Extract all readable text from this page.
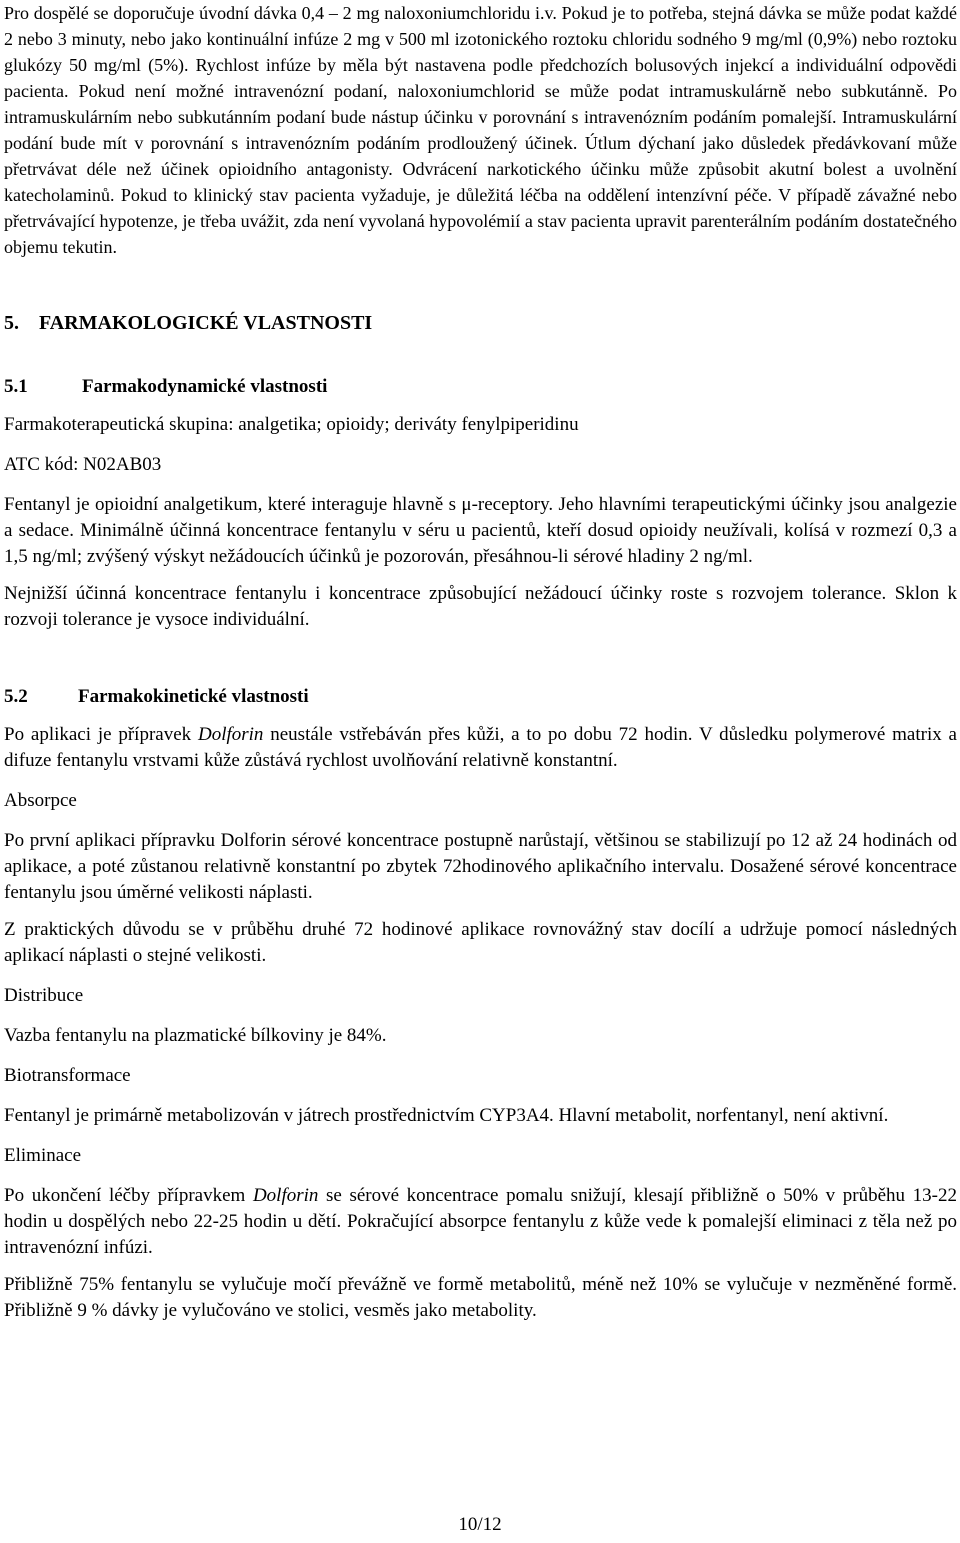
Pro dospělé se doporučuje úvodní dávka 0,4 – 2 mg naloxoniumchloridu i.v. Pokud je to potřeba, stejná dávka se může podat každé 2 nebo 3 minuty, nebo jako kontinuální infúze 2 mg v 500 ml izotonického roztoku chloridu sodného 9 mg/ml (0,9%) nebo roztoku glukózy 50 mg/ml (5%). Rychlost infúze by měla být nastavena podle předchozích bolusových injekcí a individuální odpovědi pacienta. Pokud není možné intravenózní podaní, naloxoniumchlorid se může podat intramuskulárně nebo subkutánně. Po intramuskulárním nebo subkutánním podaní bude nástup účinku v porovnání s intravenózním podáním pomalejší. Intramuskulární podání bude mít v porovnání s intravenózním podáním prodloužený účinek. Útlum dýchaní jako důsledek předávkovaní může přetrvávat déle než účinek opioidního antagonisty. Odvrácení narkotického účinku může způsobit akutní bolest a uvolnění katecholaminů. Pokud to klinický stav pacienta vyžaduje, je důležitá léčba na oddělení intenzívní péče. V případě závažné nebo přetrvávající hypotenze, je třeba uvážit, zda není vyvolaná hypovolémií a stav pacienta upravit parenterálním podáním dostatečného objemu tekutin.

5. FARMAKOLOGICKÉ VLASTNOSTI
5.1	Farmakodynamické vlastnosti

Farmakoterapeutická skupina: analgetika; opioidy; deriváty fenylpiperidinu

ATC kód: N02AB03

Fentanyl je opioidní analgetikum, které interaguje hlavně s μ-receptory. Jeho hlavními terapeutickými účinky jsou analgezie a sedace. Minimálně účinná koncentrace fentanylu v séru u pacientů, kteří dosud opioidy neužívali, kolísá v rozmezí 0,3 a 1,5 ng/ml; zvýšený výskyt nežádoucích účinků je pozorován, přesáhnou-li sérové hladiny 2 ng/ml.

Nejnižší účinná koncentrace fentanylu i koncentrace způsobující nežádoucí účinky roste s rozvojem tolerance. Sklon k rozvoji tolerance je vysoce individuální.

5.2	Farmakokinetické vlastnosti

Po aplikaci je přípravek Dolforin neustále vstřebáván přes kůži, a to po dobu 72 hodin. V důsledku polymerové matrix a difuze fentanylu vrstvami kůže zůstává rychlost uvolňování relativně konstantní.

Absorpce

Po první aplikaci přípravku Dolforin sérové koncentrace postupně narůstají, většinou se stabilizují po 12 až 24 hodinách od aplikace, a poté zůstanou relativně konstantní po zbytek 72hodinového aplikačního intervalu. Dosažené sérové koncentrace fentanylu jsou úměrné velikosti náplasti.

Z praktických důvodu se v průběhu druhé 72 hodinové aplikace rovnovážný stav docílí a udržuje pomocí následných aplikací náplasti o stejné velikosti.

Distribuce

Vazba fentanylu na plazmatické bílkoviny je 84%.

Biotransformace

Fentanyl je primárně metabolizován v játrech prostřednictvím CYP3A4. Hlavní metabolit, norfentanyl, není aktivní.

Eliminace

Po ukončení léčby přípravkem Dolforin se sérové koncentrace pomalu snižují, klesají přibližně o 50% v průběhu 13-22 hodin u dospělých nebo 22-25 hodin u dětí. Pokračující absorpce fentanylu z kůže vede k pomalejší eliminaci z těla než po intravenózní infúzi.

Přibližně 75% fentanylu se vylučuje močí převážně ve formě metabolitů, méně než 10% se vylučuje v nezměněné formě. Přibližně 9 % dávky je vylučováno ve stolici, vesměs jako metabolity.

10/12
